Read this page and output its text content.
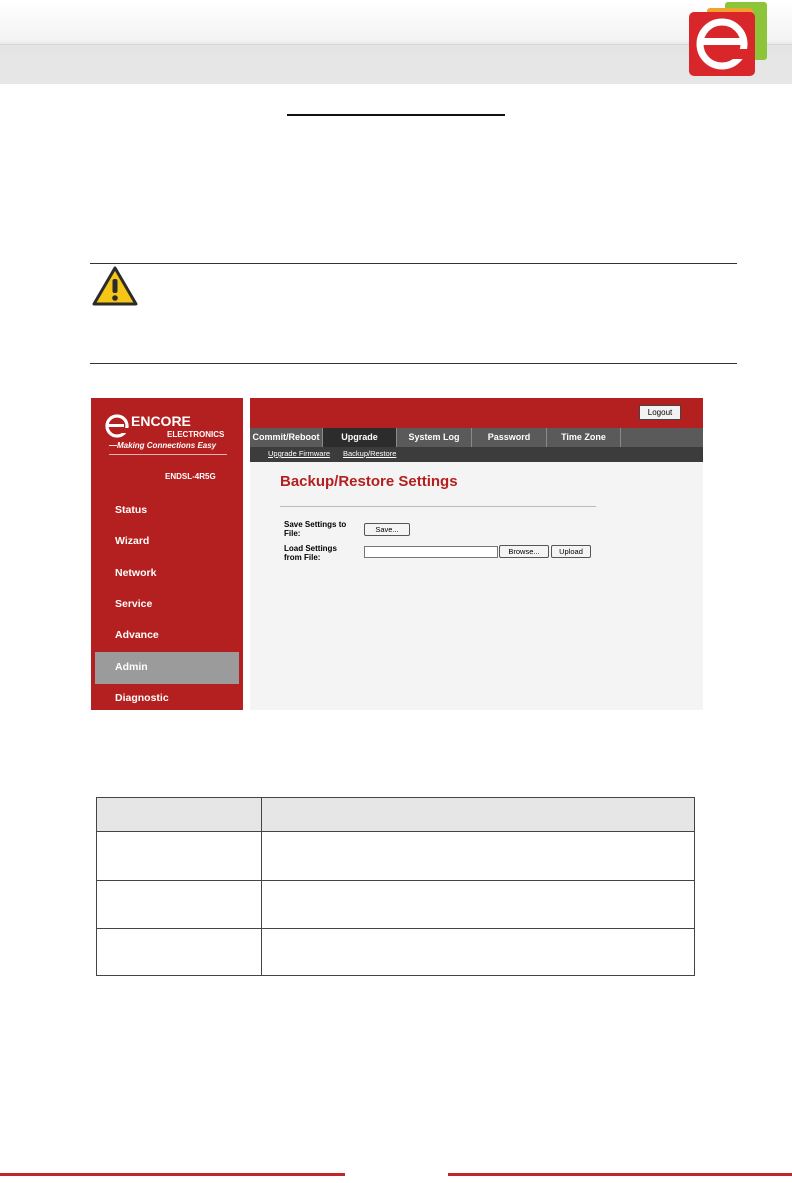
ENCORE
ELECTRONICS
—Making Connections Easy
ENDSL-4R5G
Status
Wizard
Network
Service
Advance
Admin
Diagnostic
Logout
Commit/Reboot	Upgrade	System Log	Password	Time Zone
Upgrade Firmware Backup/Restore
Backup/Restore Settings
Save Settings to
File:	Save...
Load Settings
from File:
Browse...	Upload
